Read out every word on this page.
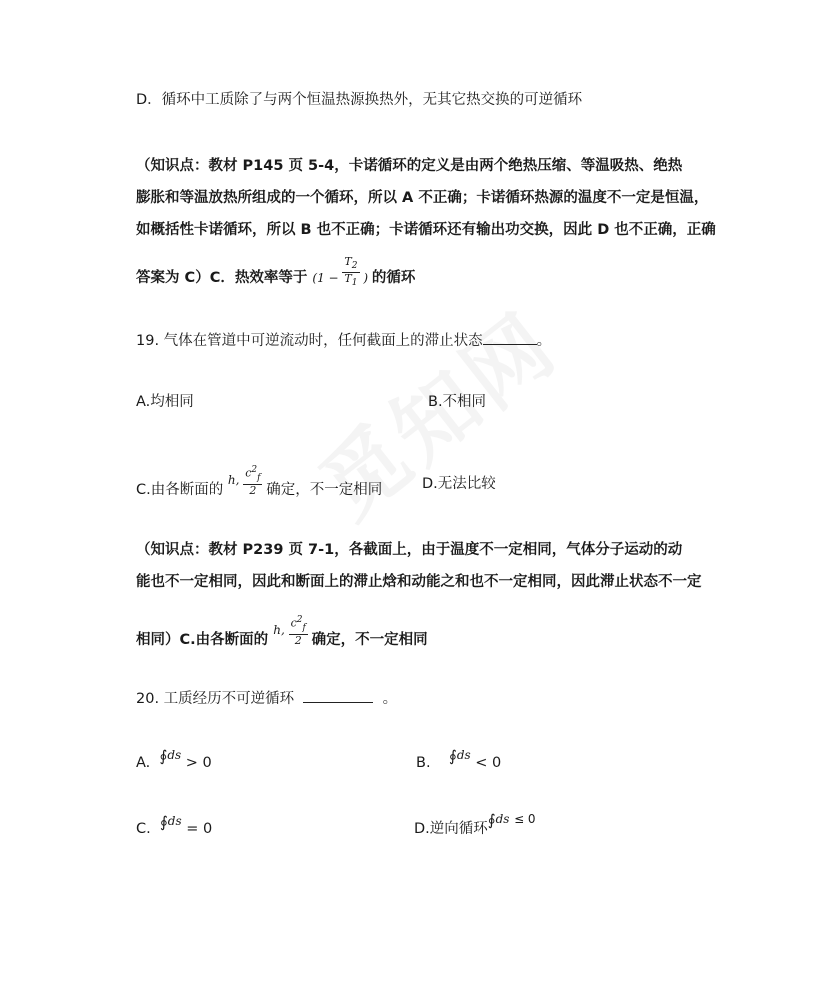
D．循环中工质除了与两个恒温热源换热外，无其它热交换的可逆循环
（知识点：教材 P145 页 5-4，卡诺循环的定义是由两个绝热压缩、等温吸热、绝热
膨胀和等温放热所组成的一个循环，所以 A 不正确；卡诺循环热源的温度不一定是恒温，
如概括性卡诺循环，所以 B 也不正确；卡诺循环还有输出功交换，因此 D 也不正确，正确
答案为 C）C．热效率等于 ($1 - \frac{T_2}{T_1}$ ) 的循环
19. 气体在管道中可逆流动时，任何截面上的滞止状态	。
A.均相同	B.不相同
C.由各断面的 h, $\frac{c^2_f}{2}$ 确定，不一定相同	D.无法比较
（知识点：教材 P239 页 7-1，各截面上，由于温度不一定相同，气体分子运动的动
能也不一定相同，因此和断面上的滞止焓和动能之和也不一定相同，因此滞止状态不一定
相同）C.由各断面的 h, $\frac{c^2_f}{2}$ 确定，不一定相同
20. 工质经历不可逆循环	。
A. ∮$^{ds}$ > 0	B. ∮$^{ds}$ < 0
C. ∮$^{ds}$ = 0	D.逆向循环∮$^{ds}$ $^{\le 0}$
